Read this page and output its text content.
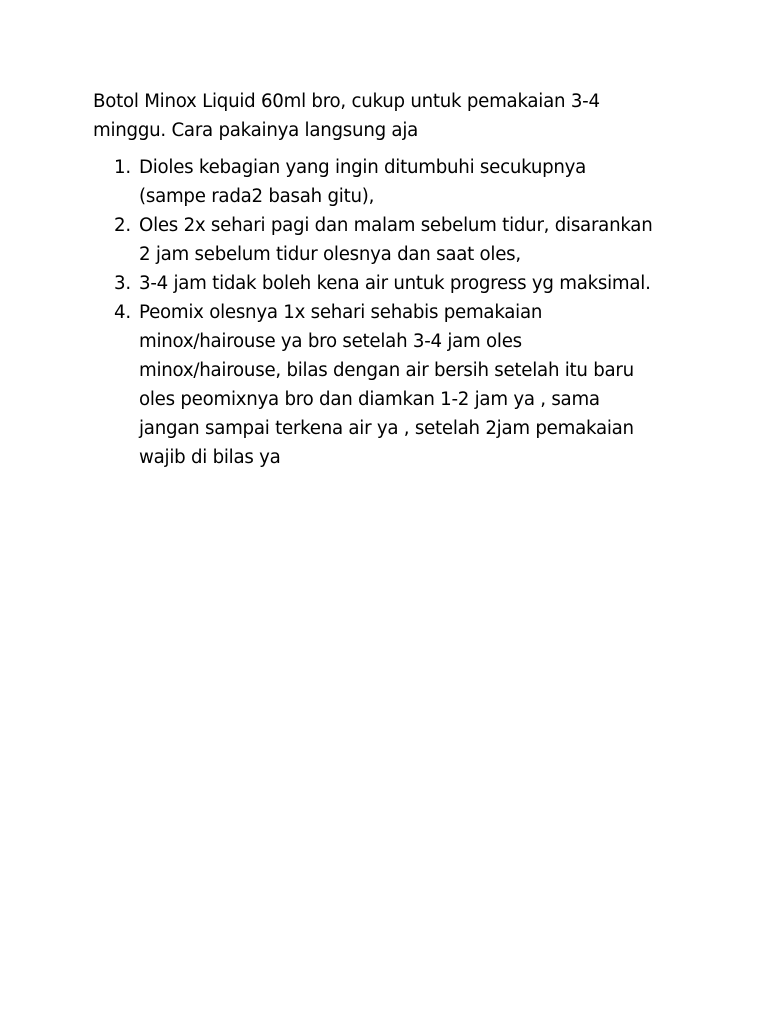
Botol Minox Liquid 60ml bro, cukup untuk pemakaian 3-4
minggu. Cara pakainya langsung aja

1. Dioles kebagian yang ingin ditumbuhi secukupnya
(sampe rada2 basah gitu),
2. Oles 2x sehari pagi dan malam sebelum tidur, disarankan
2 jam sebelum tidur olesnya dan saat oles,
3. 3-4 jam tidak boleh kena air untuk progress yg maksimal.
4. Peomix olesnya 1x sehari sehabis pemakaian
minox/hairouse ya bro setelah 3-4 jam oles
minox/hairouse, bilas dengan air bersih setelah itu baru
oles peomixnya bro dan diamkan 1-2 jam ya , sama
jangan sampai terkena air ya , setelah 2jam pemakaian
wajib di bilas ya
